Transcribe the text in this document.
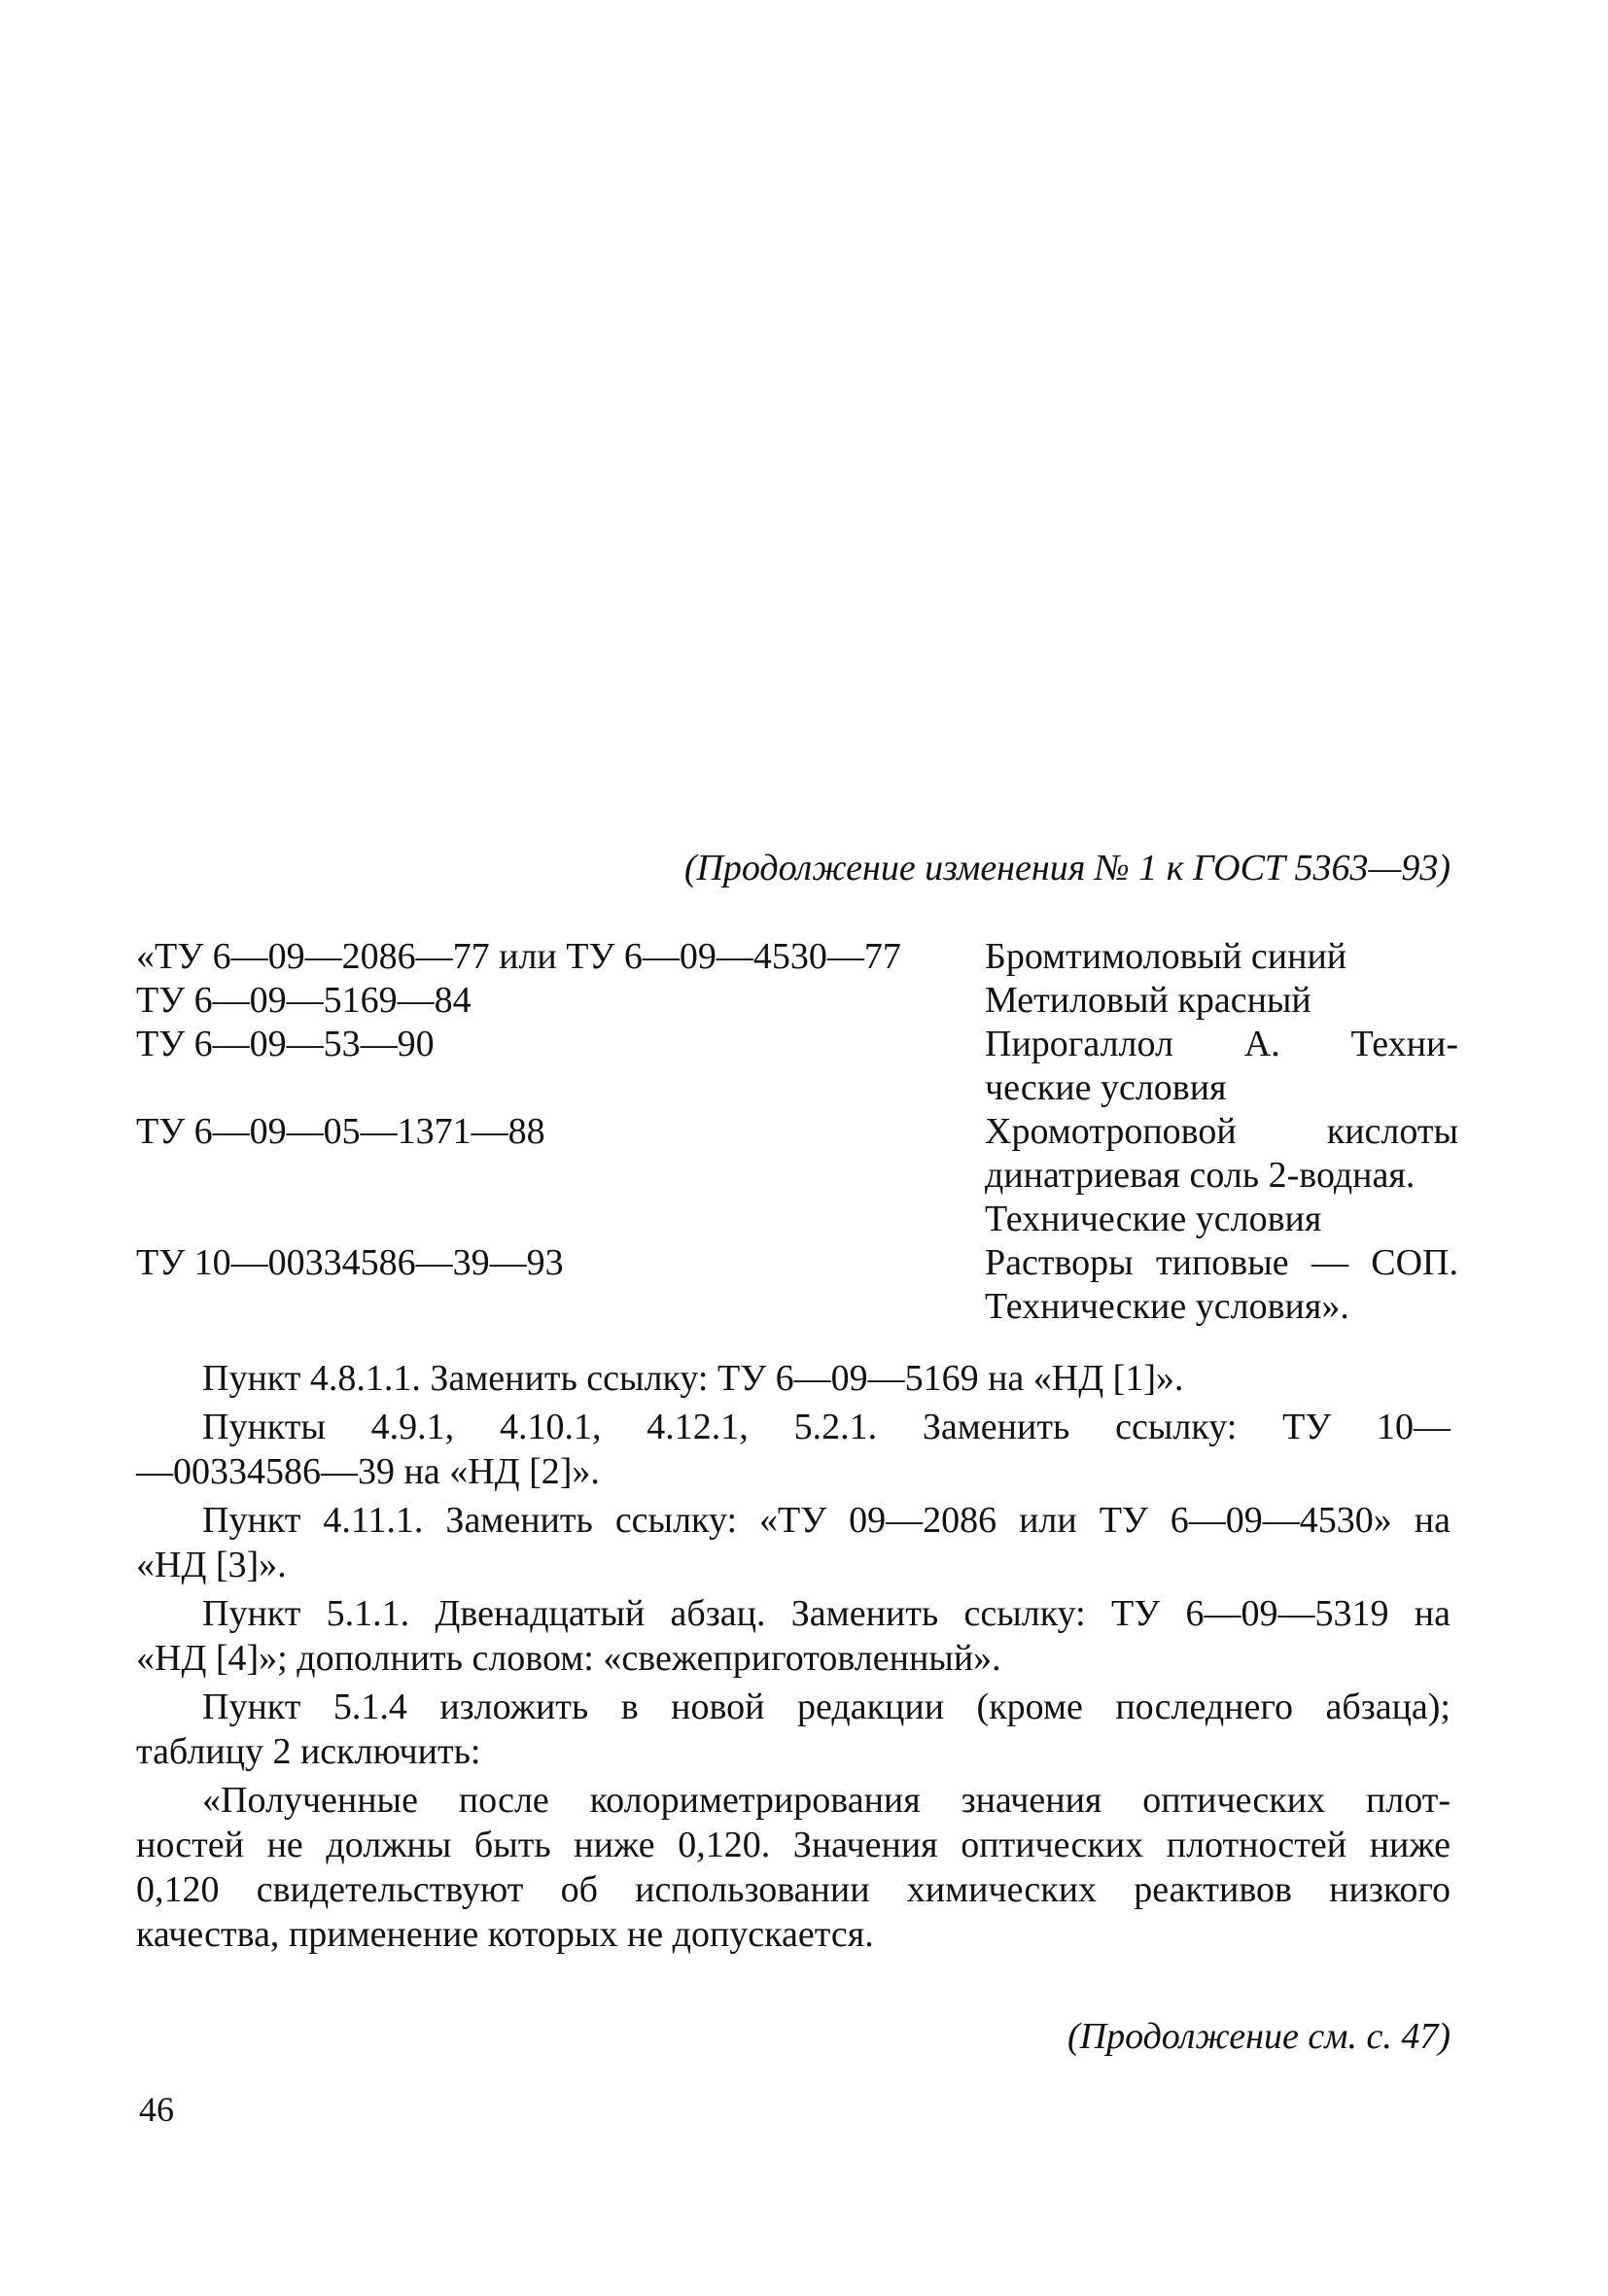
(Продолжение изменения № 1 к ГОСТ 5363—93)
«ТУ 6—09—2086—77 или ТУ 6—09—4530—77	Бромтимоловый синий
ТУ 6—09—5169—84	Метиловый красный
ТУ 6—09—53—90	Пирогаллол А. Техни-
ческие условия
ТУ 6—09—05—1371—88	Хромотроповой кислоты
динатриевая соль 2-водная.
Технические условия
ТУ 10—00334586—39—93	Растворы типовые — СОП.
Технические условия».
Пункт 4.8.1.1. Заменить ссылку: ТУ 6—09—5169 на «НД [1]».
Пункты 4.9.1, 4.10.1, 4.12.1, 5.2.1. Заменить ссылку: ТУ 10—
—00334586—39 на «НД [2]».
Пункт 4.11.1. Заменить ссылку: «ТУ 09—2086 или ТУ 6—09—4530» на
«НД [3]».
Пункт 5.1.1. Двенадцатый абзац. Заменить ссылку: ТУ 6—09—5319 на
«НД [4]»; дополнить словом: «свежеприготовленный».
Пункт 5.1.4 изложить в новой редакции (кроме последнего абзаца);
таблицу 2 исключить:
«Полученные после колориметрирования значения оптических плот-
ностей не должны быть ниже 0,120. Значения оптических плотностей ниже
0,120 свидетельствуют об использовании химических реактивов низкого
качества, применение которых не допускается.
(Продолжение см. с. 47)
46
